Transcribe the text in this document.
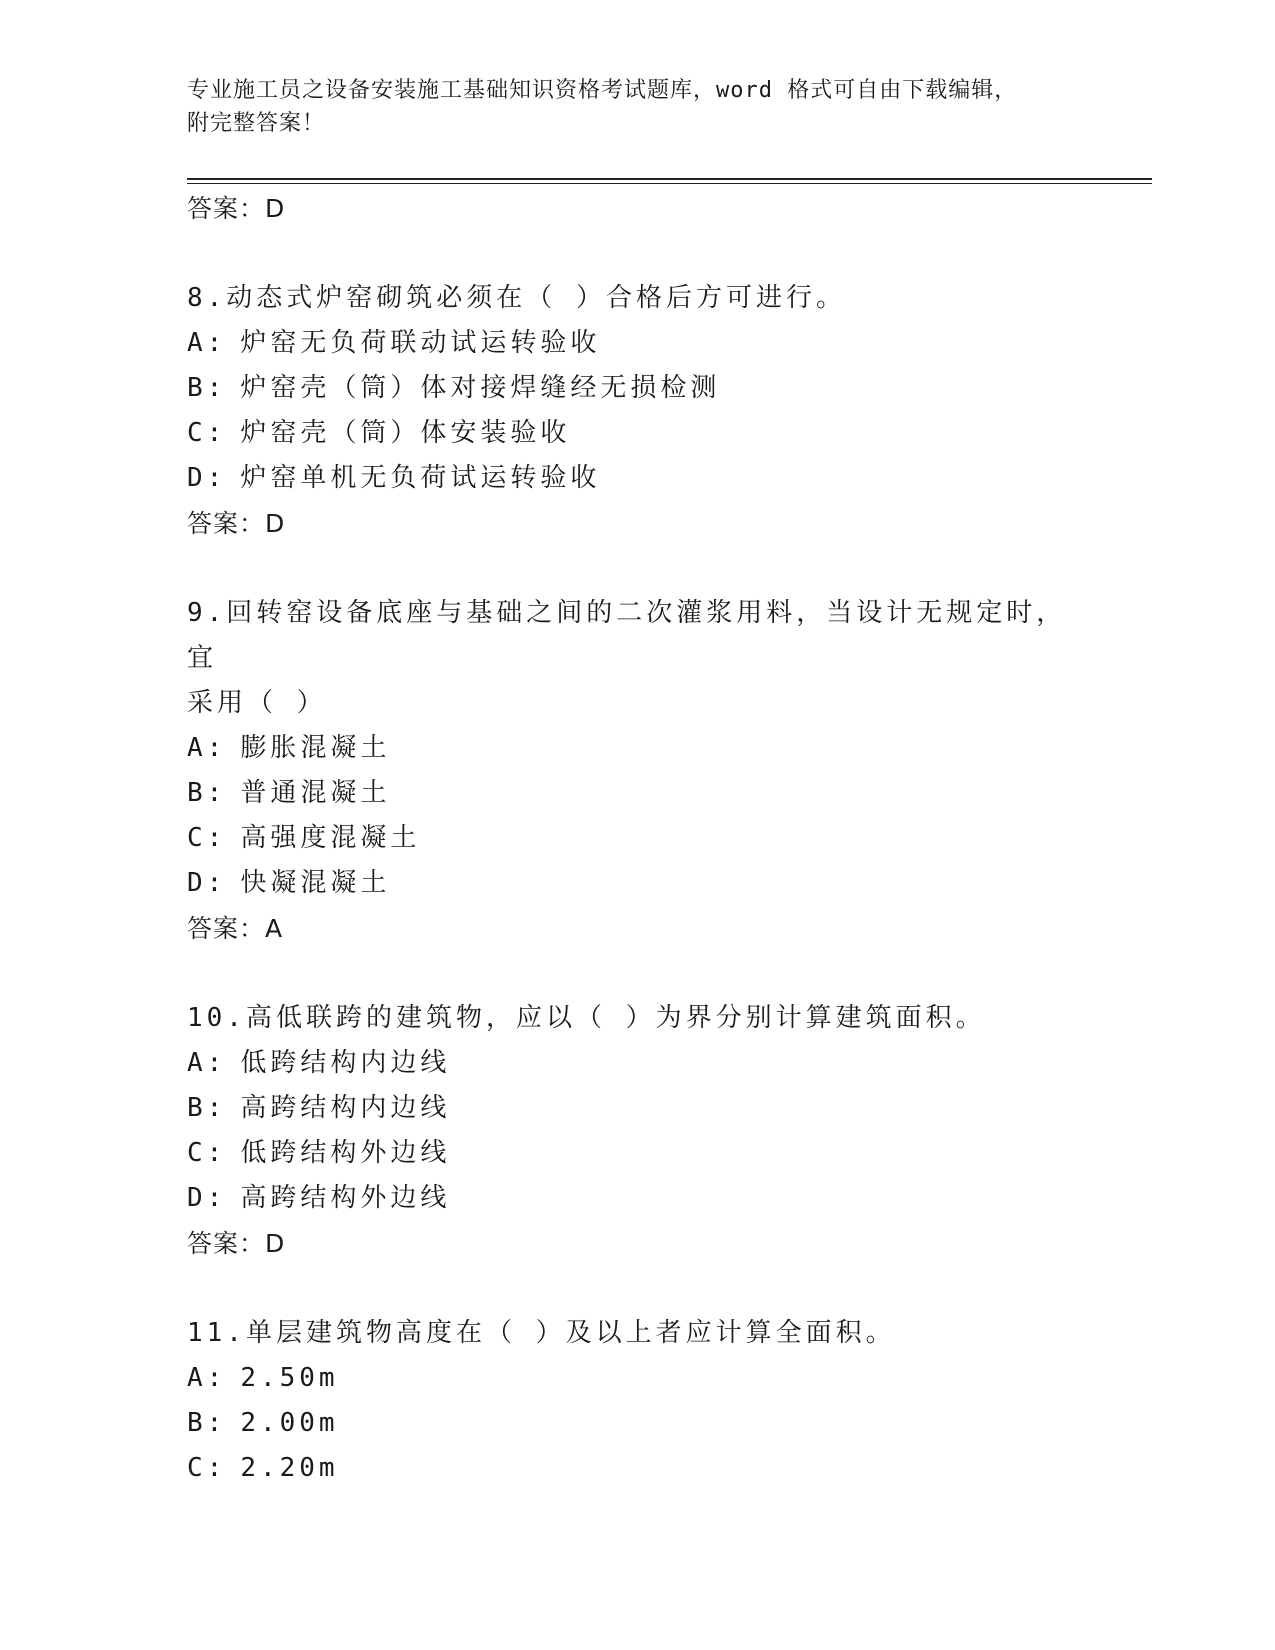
专业施工员之设备安装施工基础知识资格考试题库，word 格式可自由下载编辑，
附完整答案！
答案：D
8.动态式炉窑砌筑必须在（ ）合格后方可进行。
A: 炉窑无负荷联动试运转验收
B: 炉窑壳（筒）体对接焊缝经无损检测
C: 炉窑壳（筒）体安装验收
D: 炉窑单机无负荷试运转验收
答案：D
9.回转窑设备底座与基础之间的二次灌浆用料，当设计无规定时，宜
采用（ ）
A: 膨胀混凝土
B: 普通混凝土
C: 高强度混凝土
D: 快凝混凝土
答案：A
10.高低联跨的建筑物，应以（ ）为界分别计算建筑面积。
A: 低跨结构内边线
B: 高跨结构内边线
C: 低跨结构外边线
D: 高跨结构外边线
答案：D
11.单层建筑物高度在（ ）及以上者应计算全面积。
A: 2.50m
B: 2.00m
C: 2.20m
